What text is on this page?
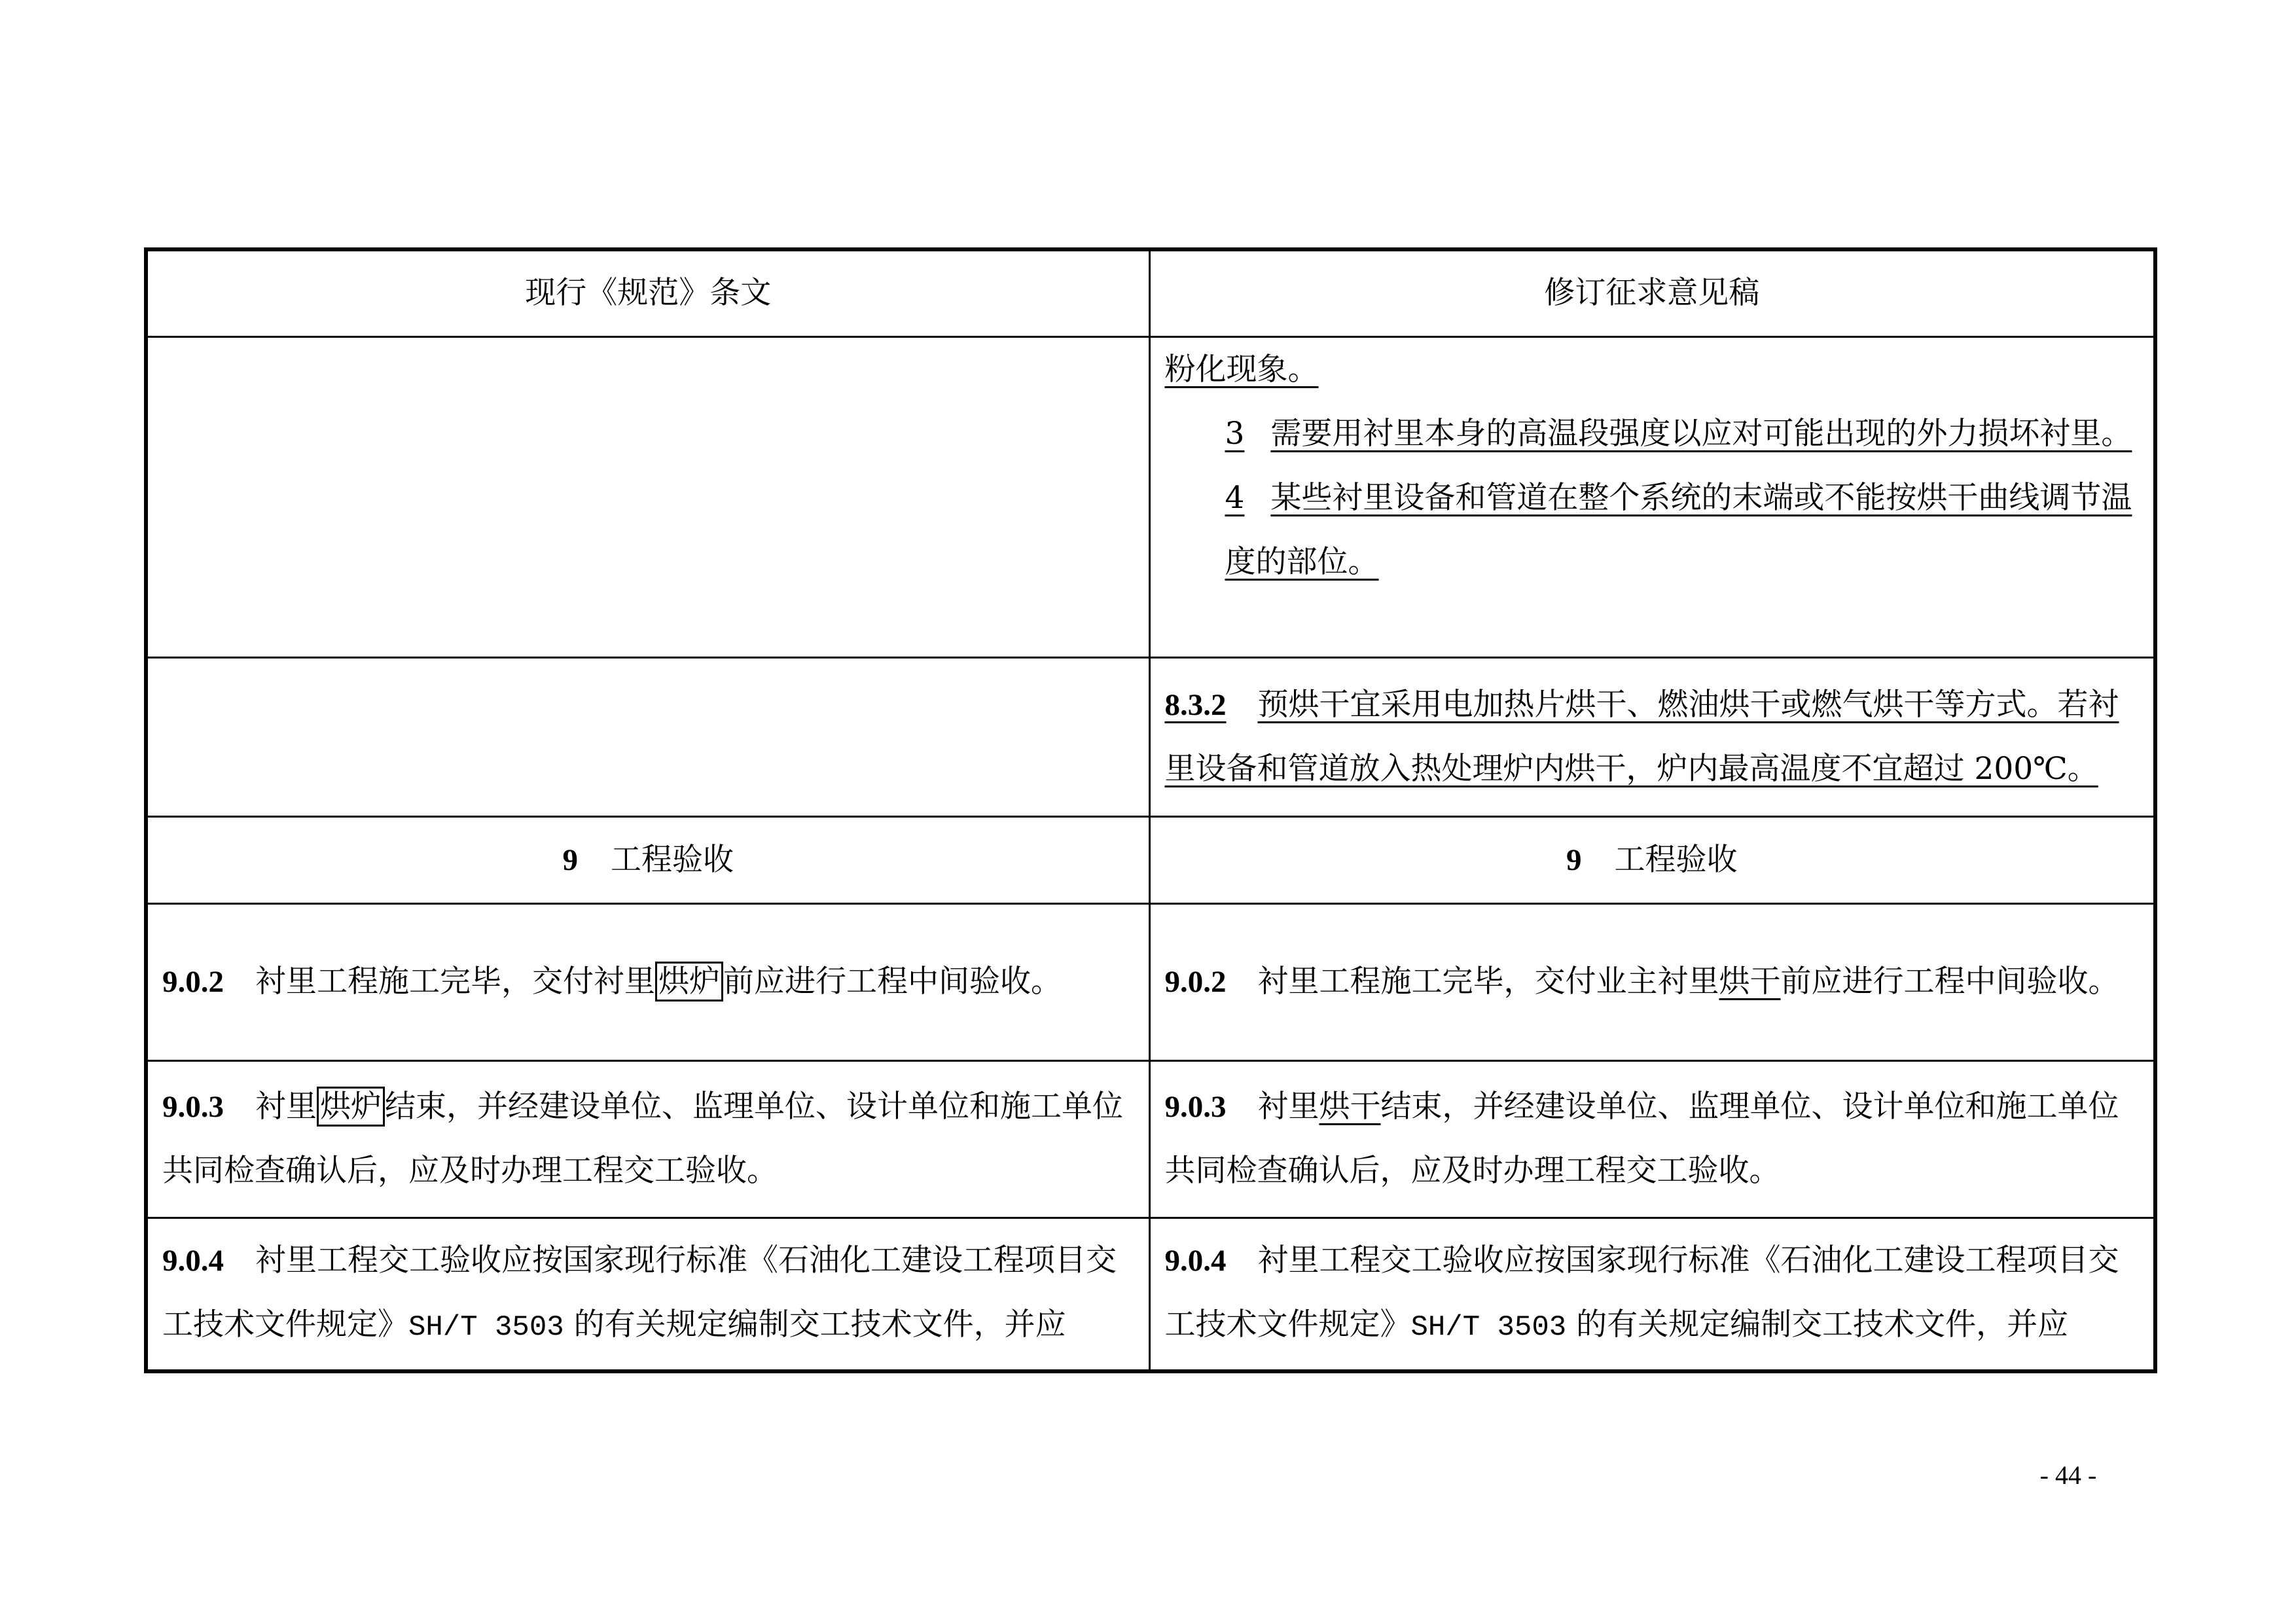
现行《规范》条文	修订征求意见稿
	粉化现象。

3 需要用衬里本身的高温段强度以应对可能出现的外力损坏衬里。
4 某些衬里设备和管道在整个系统的末端或不能按烘干曲线调节温度的部位。

	8.3.2 预烘干宜采用电加热片烘干、燃油烘干或燃气烘干等方式。若衬里设备和管道放入热处理炉内烘干，炉内最高温度不宜超过 200℃。
9 工程验收	9 工程验收
9.0.2 衬里工程施工完毕，交付衬里 烘炉 前应进行工程中间验收。	9.0.2 衬里工程施工完毕，交付业主衬里烘干前应进行工程中间验收。
9.0.3 衬里 烘炉 结束，并经建设单位、监理单位、设计单位和施工单位共同检查确认后，应及时办理工程交工验收。	9.0.3 衬里烘干结束，并经建设单位、监理单位、设计单位和施工单位共同检查确认后，应及时办理工程交工验收。
9.0.4 衬里工程交工验收应按国家现行标准《石油化工建设工程项目交工技术文件规定》SH/T 3503 的有关规定编制交工技术文件，并应	9.0.4 衬里工程交工验收应按国家现行标准《石油化工建设工程项目交工技术文件规定》SH/T 3503 的有关规定编制交工技术文件，并应
- 44 -
